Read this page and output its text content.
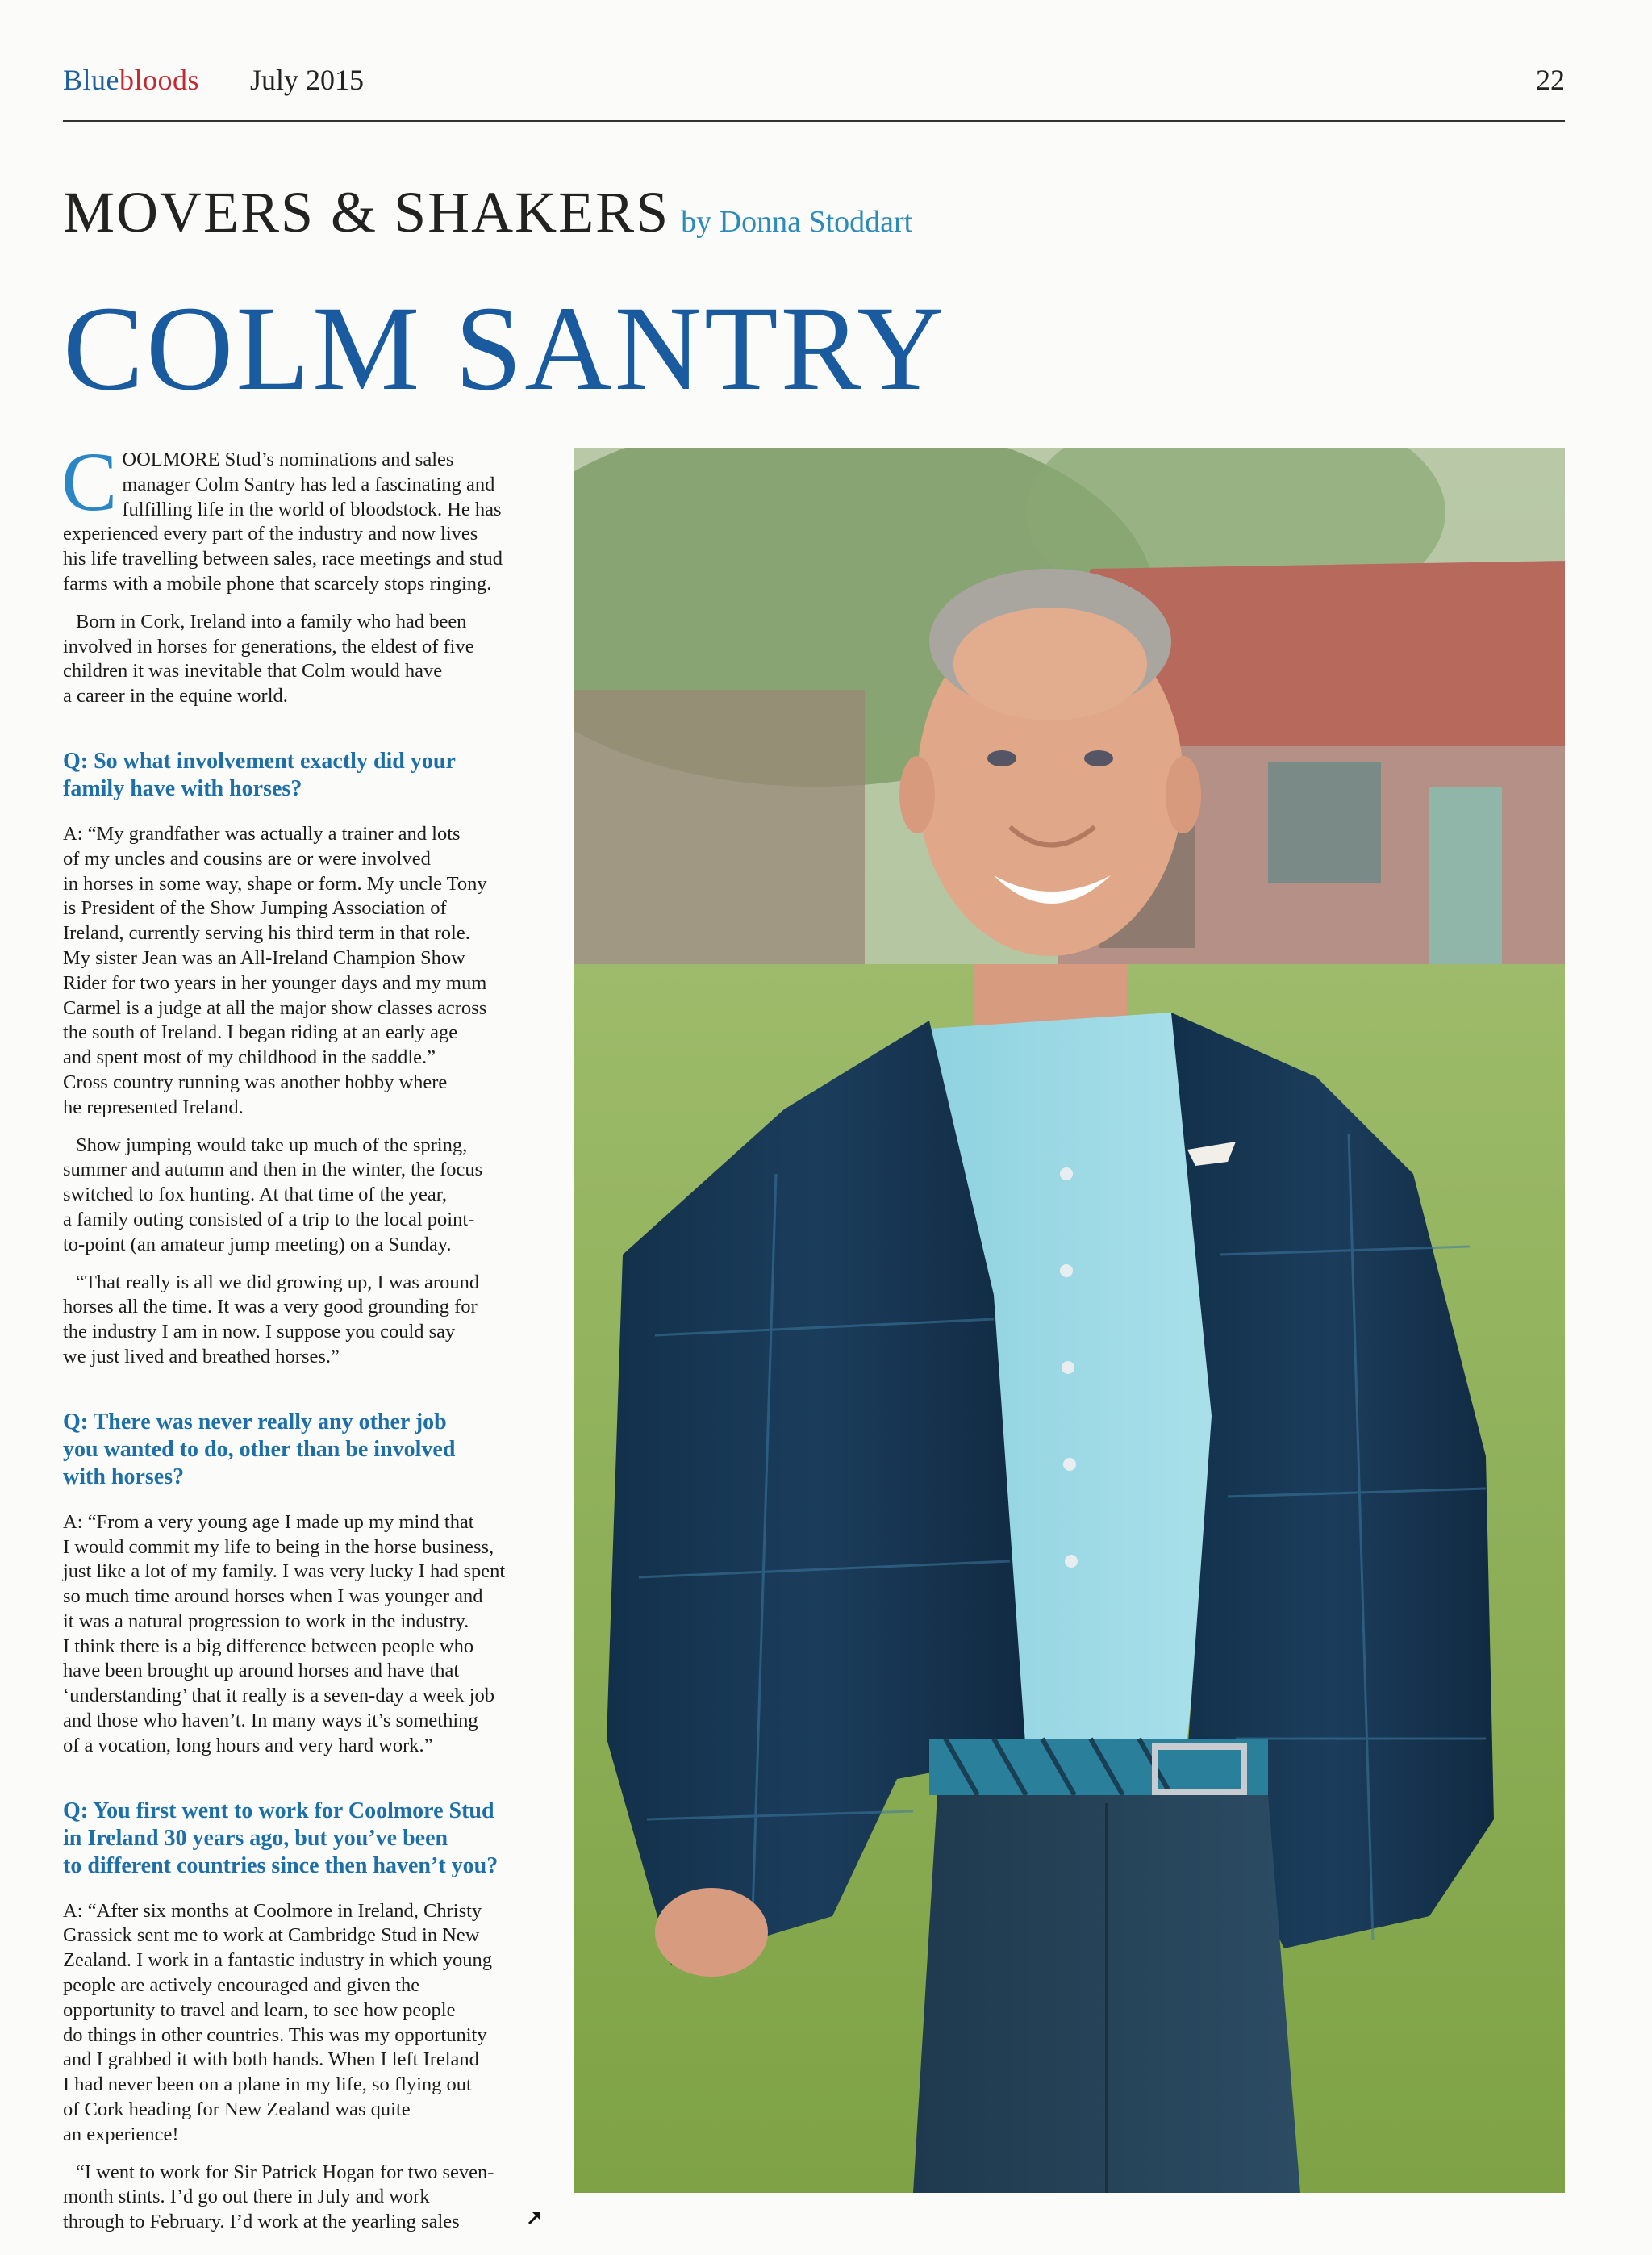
Bluebloods July 2015	22
MOVERS & SHAKERS by Donna Stoddart
COLM SANTRY

C OOLMORE Stud’s nominations and sales
manager Colm Santry has led a fascinating and
fulfilling life in the world of bloodstock. He has
experienced every part of the industry and now lives
his life travelling between sales, race meetings and stud
farms with a mobile phone that scarcely stops ringing.

Born in Cork, Ireland into a family who had been
involved in horses for generations, the eldest of five
children it was inevitable that Colm would have
a career in the equine world.

Q: So what involvement exactly did your
family have with horses?

A: “My grandfather was actually a trainer and lots
of my uncles and cousins are or were involved
in horses in some way, shape or form. My uncle Tony
is President of the Show Jumping Association of
Ireland, currently serving his third term in that role.
My sister Jean was an All-Ireland Champion Show
Rider for two years in her younger days and my mum
Carmel is a judge at all the major show classes across
the south of Ireland. I began riding at an early age
and spent most of my childhood in the saddle.”
Cross country running was another hobby where
he represented Ireland.

Show jumping would take up much of the spring,
summer and autumn and then in the winter, the focus
switched to fox hunting. At that time of the year,
a family outing consisted of a trip to the local point-
to-point (an amateur jump meeting) on a Sunday.

“That really is all we did growing up, I was around
horses all the time. It was a very good grounding for
the industry I am in now. I suppose you could say
we just lived and breathed horses.”

Q: There was never really any other job
you wanted to do, other than be involved
with horses?

A: “From a very young age I made up my mind that
I would commit my life to being in the horse business,
just like a lot of my family. I was very lucky I had spent
so much time around horses when I was younger and
it was a natural progression to work in the industry.
I think there is a big difference between people who
have been brought up around horses and have that
‘understanding’ that it really is a seven-day a week job
and those who haven’t. In many ways it’s something
of a vocation, long hours and very hard work.”

Q: You first went to work for Coolmore Stud
in Ireland 30 years ago, but you’ve been
to different countries since then haven’t you?

A: “After six months at Coolmore in Ireland, Christy
Grassick sent me to work at Cambridge Stud in New
Zealand. I work in a fantastic industry in which young
people are actively encouraged and given the
opportunity to travel and learn, to see how people
do things in other countries. This was my opportunity
and I grabbed it with both hands. When I left Ireland
I had never been on a plane in my life, so flying out
of Cork heading for New Zealand was quite
an experience!

“I went to work for Sir Patrick Hogan for two seven-
month stints. I’d go out there in July and work
through to February. I’d work at the yearling sales
